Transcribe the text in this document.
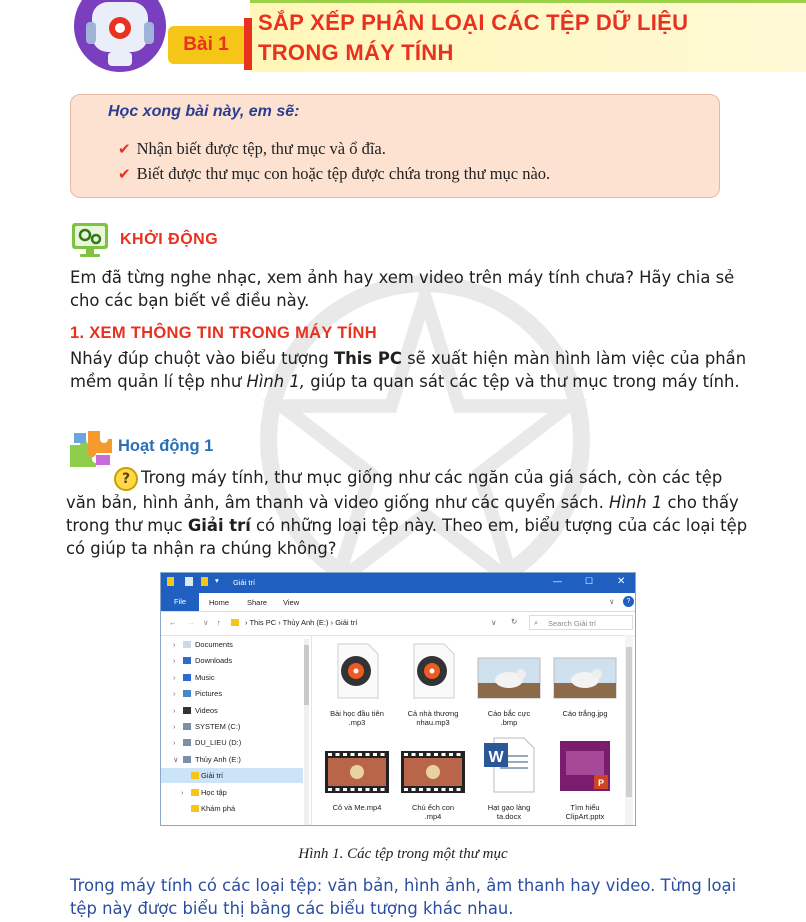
Bài 1
SẮP XẾP PHÂN LOẠI CÁC TỆP DỮ LIỆU
TRONG MÁY TÍNH
Học xong bài này, em sẽ:
✔ Nhận biết được tệp, thư mục và ổ đĩa.
✔ Biết được thư mục con hoặc tệp được chứa trong thư mục nào.
KHỞI ĐỘNG
Em đã từng nghe nhạc, xem ảnh hay xem video trên máy tính chưa? Hãy chia sẻ cho các bạn biết về điều này.
1. XEM THÔNG TIN TRONG MÁY TÍNH
Nháy đúp chuột vào biểu tượng This PC sẽ xuất hiện màn hình làm việc của phần mềm quản lí tệp như Hình 1, giúp ta quan sát các tệp và thư mục trong máy tính.
Hoạt động 1
? Trong máy tính, thư mục giống như các ngăn của giá sách, còn các tệp văn bản, hình ảnh, âm thanh và video giống như các quyển sách. Hình 1 cho thấy trong thư mục Giải trí có những loại tệp này. Theo em, biểu tượng của các loại tệp có giúp ta nhận ra chúng không?
▾ Giải trí	—	☐ ✕
File	Home Share View	∨	?
← → ∨ ↑	› This PC › Thủy Anh (E:) › Giải trí	∨ ↻ ⌕ Search Giải trí
›	Documents
›	Downloads
›	Music
›	Pictures
›	Videos
›	SYSTEM (C:)
›	DU_LIEU (D:)
∨ Thủy Anh (E:)
Giải trí
› Học tập
Khám phá
Bài học đầu tiên
.mp3
Cả nhà thương
nhau.mp3
Cáo bắc cực
.bmp
Cáo trắng.jpg
Cô và Me.mp4	Chú ếch con
.mp4
W
Hạt gạo làng
ta.docx
P
Tìm hiểu
ClipArt.pptx
Hình 1. Các tệp trong một thư mục
Trong máy tính có các loại tệp: văn bản, hình ảnh, âm thanh hay video. Từng loại tệp này được biểu thị bằng các biểu tượng khác nhau.
